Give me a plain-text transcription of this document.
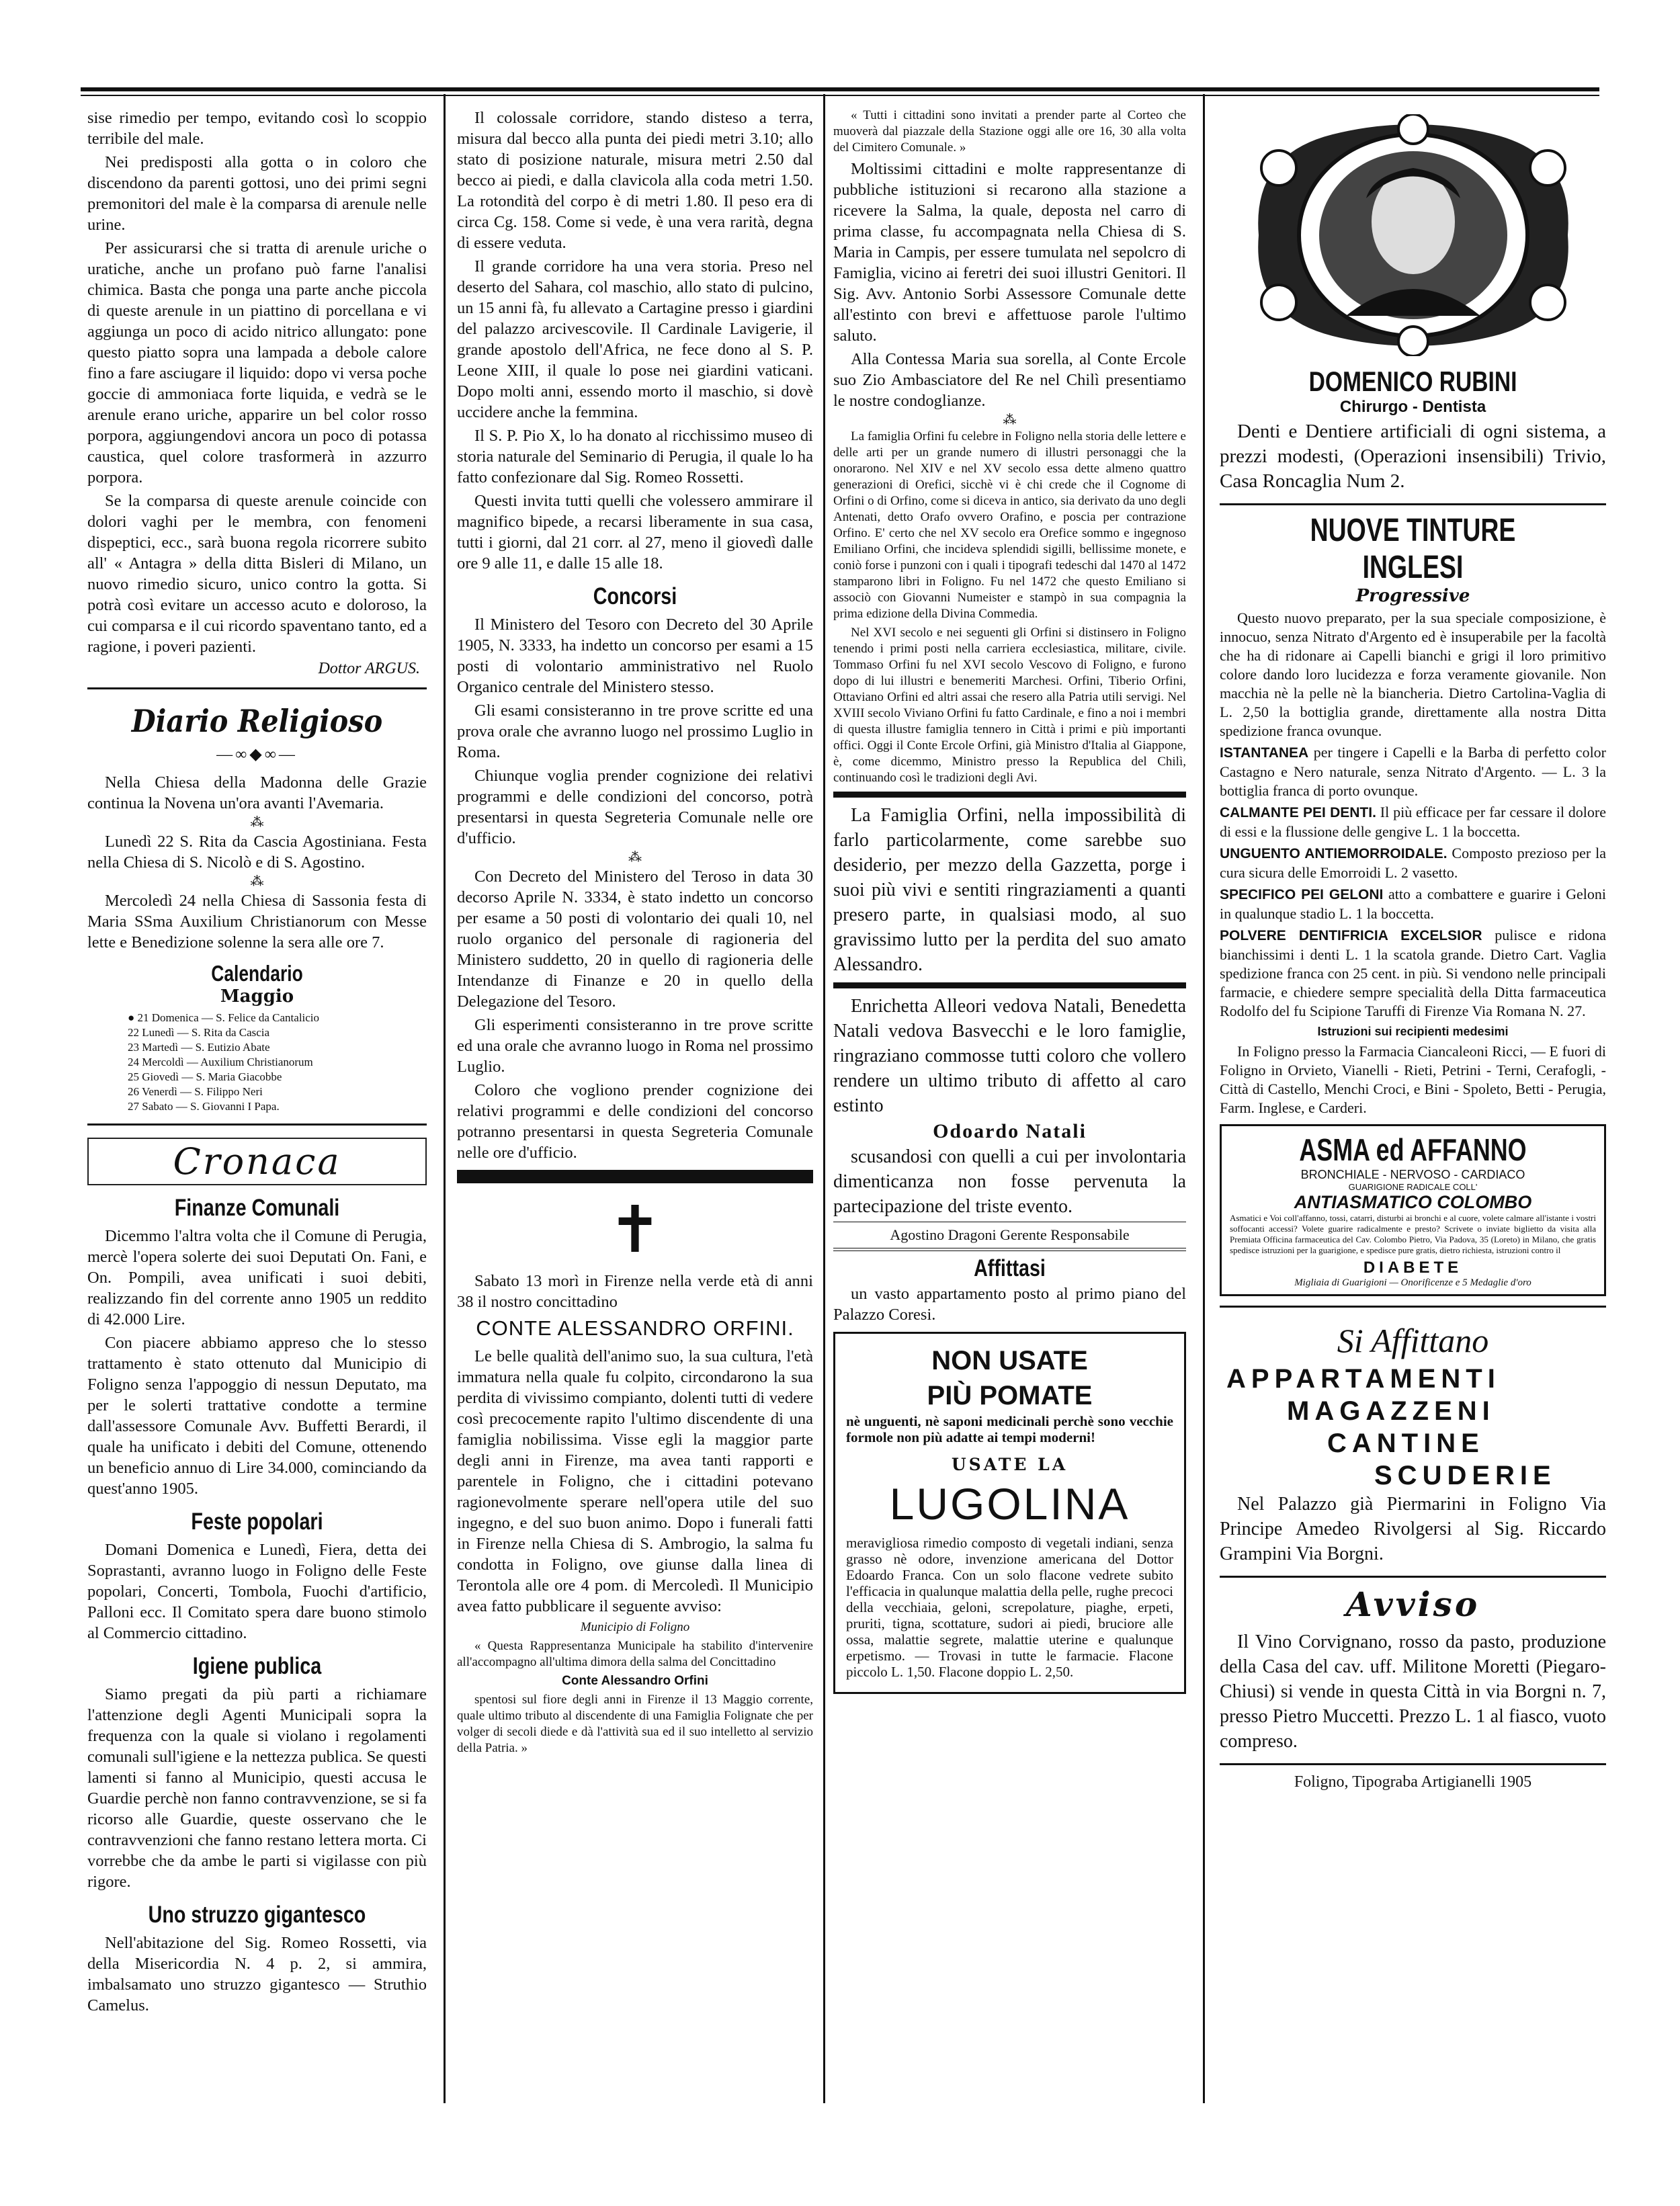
sise rimedio per tempo, evitando così lo scoppio terribile del male.

Nei predisposti alla gotta o in coloro che discendono da parenti gottosi, uno dei primi segni premonitori del male è la comparsa di arenule nelle urine.

Per assicurarsi che si tratta di arenule uriche o uratiche, anche un profano può farne l'analisi chimica. Basta che ponga una parte anche piccola di queste arenule in un piattino di porcellana e vi aggiunga un poco di acido nitrico allungato: pone questo piatto sopra una lampada a debole calore fino a fare asciugare il liquido: dopo vi versa poche goccie di ammoniaca forte liquida, e vedrà se le arenule erano uriche, apparire un bel color rosso porpora, aggiungendovi ancora un poco di potassa caustica, quel colore trasformerà in azzurro porpora.

Se la comparsa di queste arenule coincide con dolori vaghi per le membra, con fenomeni dispeptici, ecc., sarà buona regola ricorrere subito all' « Antagra » della ditta Bisleri di Milano, un nuovo rimedio sicuro, unico contro la gotta. Si potrà così evitare un accesso acuto e doloroso, la cui comparsa e il cui ricordo spaventano tanto, ed a ragione, i poveri pazienti.

Dottor ARGUS.
Diario Religioso
—∞◆∞—

Nella Chiesa della Madonna delle Grazie continua la Novena un'ora avanti l'Avemaria.

⁂

Lunedì 22 S. Rita da Cascia Agostiniana. Festa nella Chiesa di S. Nicolò e di S. Agostino.

⁂

Mercoledì 24 nella Chiesa di Sassonia festa di Maria SSma Auxilium Christianorum con Messe lette e Benedizione solenne la sera alle ore 7.

Calendario
Maggio
● 21 Domenica — S. Felice da Cantalicio
22 Lunedì — S. Rita da Cascia
23 Martedì — S. Eutizio Abate
24 Mercoldì — Auxilium Christianorum
25 Giovedì — S. Maria Giacobbe
26 Venerdì — S. Filippo Neri
27 Sabato — S. Giovanni I Papa.
Cronaca
Finanze Comunali

Dicemmo l'altra volta che il Comune di Perugia, mercè l'opera solerte dei suoi Deputati On. Fani, e On. Pompili, avea unificati i suoi debiti, realizzando fin del corrente anno 1905 un reddito di 42.000 Lire.

Con piacere abbiamo appreso che lo stesso trattamento è stato ottenuto dal Municipio di Foligno senza l'appoggio di nessun Deputato, ma per le solerti trattative condotte a termine dall'assessore Comunale Avv. Buffetti Berardi, il quale ha unificato i debiti del Comune, ottenendo un beneficio annuo di Lire 34.000, cominciando da quest'anno 1905.

Feste popolari

Domani Domenica e Lunedì, Fiera, detta dei Soprastanti, avranno luogo in Foligno delle Feste popolari, Concerti, Tombola, Fuochi d'artificio, Palloni ecc. Il Comitato spera dare buono stimolo al Commercio cittadino.

Igiene publica

Siamo pregati da più parti a richiamare l'attenzione degli Agenti Municipali sopra la frequenza con la quale si violano i regolamenti comunali sull'igiene e la nettezza publica. Se questi lamenti si fanno al Municipio, questi accusa le Guardie perchè non fanno contravvenzione, se si fa ricorso alle Guardie, queste osservano che le contravvenzioni che fanno restano lettera morta. Ci vorrebbe che da ambe le parti si vigilasse con più rigore.

Uno struzzo gigantesco

Nell'abitazione del Sig. Romeo Rossetti, via della Misericordia N. 4 p. 2, si ammira, imbalsamato uno struzzo gigantesco — Struthio Camelus.

Il colossale corridore, stando disteso a terra, misura dal becco alla punta dei piedi metri 3.10; allo stato di posizione naturale, misura metri 2.50 dal becco ai piedi, e dalla clavicola alla coda metri 1.50. La rotondità del corpo è di metri 1.80. Il peso era di circa Cg. 158. Come si vede, è una vera rarità, degna di essere veduta.

Il grande corridore ha una vera storia. Preso nel deserto del Sahara, col maschio, allo stato di pulcino, un 15 anni fà, fu allevato a Cartagine presso i giardini del palazzo arcivescovile. Il Cardinale Lavigerie, il grande apostolo dell'Africa, ne fece dono al S. P. Leone XIII, il quale lo pose nei giardini vaticani. Dopo molti anni, essendo morto il maschio, si dovè uccidere anche la femmina.

Il S. P. Pio X, lo ha donato al ricchissimo museo di storia naturale del Seminario di Perugia, il quale lo ha fatto confezionare dal Sig. Romeo Rossetti.

Questi invita tutti quelli che volessero ammirare il magnifico bipede, a recarsi liberamente in sua casa, tutti i giorni, dal 21 corr. al 27, meno il giovedì dalle ore 9 alle 11, e dalle 15 alle 18.

Concorsi

Il Ministero del Tesoro con Decreto del 30 Aprile 1905, N. 3333, ha indetto un concorso per esami a 15 posti di volontario amministrativo nel Ruolo Organico centrale del Ministero stesso.

Gli esami consisteranno in tre prove scritte ed una prova orale che avranno luogo nel prossimo Luglio in Roma.

Chiunque voglia prender cognizione dei relativi programmi e delle condizioni del concorso, potrà presentarsi in questa Segreteria Comunale nelle ore d'ufficio.

⁂

Con Decreto del Ministero del Teroso in data 30 decorso Aprile N. 3334, è stato indetto un concorso per esame a 50 posti di volontario dei quali 10, nel ruolo organico del personale di ragioneria del Ministero suddetto, 20 in quello di ragioneria delle Intendanze di Finanze e 20 in quello della Delegazione del Tesoro.

Gli esperimenti consisteranno in tre prove scritte ed una orale che avranno luogo in Roma nel prossimo Luglio.

Coloro che vogliono prender cognizione dei relativi programmi e delle condizioni del concorso potranno presentarsi in questa Segreteria Comunale nelle ore d'ufficio.

✝

Sabato 13 morì in Firenze nella verde età di anni 38 il nostro concittadino

CONTE ALESSANDRO ORFINI.

Le belle qualità dell'animo suo, la sua cultura, l'età immatura nella quale fu colpito, circondarono la sua perdita di vivissimo compianto, dolenti tutti di vedere così precocemente rapito l'ultimo discendente di una famiglia nobilissima. Visse egli la maggior parte degli anni in Firenze, ma avea tanti rapporti e parentele in Foligno, che i cittadini potevano ragionevolmente sperare nell'opera utile del suo ingegno, e del suo buon animo. Dopo i funerali fatti in Firenze nella Chiesa di S. Ambrogio, la salma fu condotta in Foligno, ove giunse dalla linea di Terontola alle ore 4 pom. di Mercoledì. Il Municipio avea fatto pubblicare il seguente avviso:

Municipio di Foligno

« Questa Rappresentanza Municipale ha stabilito d'intervenire all'accompagno all'ultima dimora della salma del Concittadino

Conte Alessandro Orfini

spentosi sul fiore degli anni in Firenze il 13 Maggio corrente, quale ultimo tributo al discendente di una Famiglia Folignate che per volger di secoli diede e dà l'attività sua ed il suo intelletto al servizio della Patria. »

« Tutti i cittadini sono invitati a prender parte al Corteo che muoverà dal piazzale della Stazione oggi alle ore 16, 30 alla volta del Cimitero Comunale. »

Moltissimi cittadini e molte rappresentanze di pubbliche istituzioni si recarono alla stazione a ricevere la Salma, la quale, deposta nel carro di prima classe, fu accompagnata nella Chiesa di S. Maria in Campis, per essere tumulata nel sepolcro di Famiglia, vicino ai feretri dei suoi illustri Genitori. Il Sig. Avv. Antonio Sorbi Assessore Comunale dette all'estinto con brevi e affettuose parole l'ultimo saluto.

Alla Contessa Maria sua sorella, al Conte Ercole suo Zio Ambasciatore del Re nel Chilì presentiamo le nostre condoglianze.

⁂

La famiglia Orfini fu celebre in Foligno nella storia delle lettere e delle arti per un grande numero di illustri personaggi che la onorarono. Nel XIV e nel XV secolo essa dette almeno quattro generazioni di Orefici, sicchè vi è chi crede che il Cognome di Orfini o di Orfino, come si diceva in antico, sia derivato da uno degli Antenati, detto Orafo ovvero Orafino, e poscia per contrazione Orfino. E' certo che nel XV secolo era Orefice sommo e ingegnoso Emiliano Orfini, che incideva splendidi sigilli, bellissime monete, e coniò forse i punzoni con i quali i tipografi tedeschi dal 1470 al 1472 stamparono libri in Foligno. Fu nel 1472 che questo Emiliano si associò con Giovanni Numeister e stampò in sua compagnia la prima edizione della Divina Commedia.

Nel XVI secolo e nei seguenti gli Orfini si distinsero in Foligno tenendo i primi posti nella carriera ecclesiastica, militare, civile. Tommaso Orfini fu nel XVI secolo Vescovo di Foligno, e furono dopo di lui illustri e benemeriti Marchesi. Orfini, Tiberio Orfini, Ottaviano Orfini ed altri assai che resero alla Patria utili servigi. Nel XVIII secolo Viviano Orfini fu fatto Cardinale, e fino a noi i membri di questa illustre famiglia tennero in Città i primi e più importanti offici. Oggi il Conte Ercole Orfini, già Ministro d'Italia al Giappone, è, come dicemmo, Ministro presso la Republica del Chilì, continuando così le tradizioni degli Avi.

La Famiglia Orfini, nella impossibilità di farlo particolarmente, come sarebbe suo desiderio, per mezzo della Gazzetta, porge i suoi più vivi e sentiti ringraziamenti a quanti presero parte, in qualsiasi modo, al suo gravissimo lutto per la perdita del suo amato Alessandro.

Enrichetta Alleori vedova Natali, Benedetta Natali vedova Basvecchi e le loro famiglie, ringraziano commosse tutti coloro che vollero rendere un ultimo tributo di affetto al caro estinto

Odoardo Natali

scusandosi con quelli a cui per involontaria dimenticanza non fosse pervenuta la partecipazione del triste evento.

Agostino Dragoni Gerente Responsabile

Affittasi

un vasto appartamento posto al primo piano del Palazzo Coresi.

NON USATE
PIÙ POMATE

nè unguenti, nè saponi medicinali perchè sono vecchie formole non più adatte ai tempi moderni!

USATE LA
LUGOLINA

meravigliosa rimedio composto di vegetali indiani, senza grasso nè odore, invenzione americana del Dottor Edoardo Franca. Con un solo flacone vedrete subito l'efficacia in qualunque malattia della pelle, rughe precoci della vecchiaia, geloni, screpolature, piaghe, erpeti, pruriti, tigna, scottature, sudori ai piedi, bruciore alle ossa, malattie segrete, malattie uterine e qualunque erpetismo. — Trovasi in tutte le farmacie. Flacone piccolo L. 1,50. Flacone doppio L. 2,50.

DOMENICO RUBINI
Chirurgo - Dentista

Denti e Dentiere artificiali di ogni sistema, a prezzi modesti, (Operazioni insensibili) Trivio, Casa Roncaglia Num 2.

NUOVE TINTURE INGLESI
Progressive

Questo nuovo preparato, per la sua speciale composizione, è innocuo, senza Nitrato d'Argento ed è insuperabile per la facoltà che ha di ridonare ai Capelli bianchi e grigi il loro primitivo colore dando loro lucidezza e forza veramente giovanile. Non macchia nè la pelle nè la biancheria. Dietro Cartolina-Vaglia di L. 2,50 la bottiglia grande, direttamente alla nostra Ditta spedizione franca ovunque.

ISTANTANEA per tingere i Capelli e la Barba di perfetto color Castagno e Nero naturale, senza Nitrato d'Argento. — L. 3 la bottiglia franca di porto ovunque.

CALMANTE PEI DENTI. Il più efficace per far cessare il dolore di essi e la flussione delle gengive L. 1 la boccetta.

UNGUENTO ANTIEMORROIDALE. Composto prezioso per la cura sicura delle Emorroidi L. 2 vasetto.

SPECIFICO PEI GELONI atto a combattere e guarire i Geloni in qualunque stadio L. 1 la boccetta.

POLVERE DENTIFRICIA EXCELSIOR pulisce e ridona bianchissimi i denti L. 1 la scatola grande. Dietro Cart. Vaglia spedizione franca con 25 cent. in più. Si vendono nelle principali farmacie, e chiedere sempre specialità della Ditta farmaceutica Rodolfo del fu Scipione Taruffi di Firenze Via Romana N. 27.

Istruzioni sui recipienti medesimi

In Foligno presso la Farmacia Ciancaleoni Ricci, — E fuori di Foligno in Orvieto, Vianelli - Rieti, Petrini - Terni, Cerafogli, - Città di Castello, Menchi Croci, e Bini - Spoleto, Betti - Perugia, Farm. Inglese, e Carderi.

ASMA ed AFFANNO
BRONCHIALE - NERVOSO - CARDIACO
GUARIGIONE RADICALE COLL'
ANTIASMATICO COLOMBO

Asmatici e Voi coll'affanno, tossi, catarri, disturbi ai bronchi e al cuore, volete calmare all'istante i vostri soffocanti accessi? Volete guarire radicalmente e presto? Scrivete o inviate biglietto da visita alla Premiata Officina farmaceutica del Cav. Colombo Pietro, Via Padova, 35 (Loreto) in Milano, che gratis spedisce istruzioni per la guarigione, e spedisce pure gratis, dietro richiesta, istruzioni contro il

DIABETE
Migliaia di Guarigioni — Onorificenze e 5 Medaglie d'oro
Si Affittano
APPARTAMENTI
MAGAZZENI
CANTINE
SCUDERIE

Nel Palazzo già Piermarini in Foligno Via Principe Amedeo Rivolgersi al Sig. Riccardo Grampini Via Borgni.

Avviso

Il Vino Corvignano, rosso da pasto, produzione della Casa del cav. uff. Militone Moretti (Piegaro-Chiusi) si vende in questa Città in via Borgni n. 7, presso Pietro Muccetti. Prezzo L. 1 al fiasco, vuoto compreso.

Foligno, Tipograba Artigianelli 1905
